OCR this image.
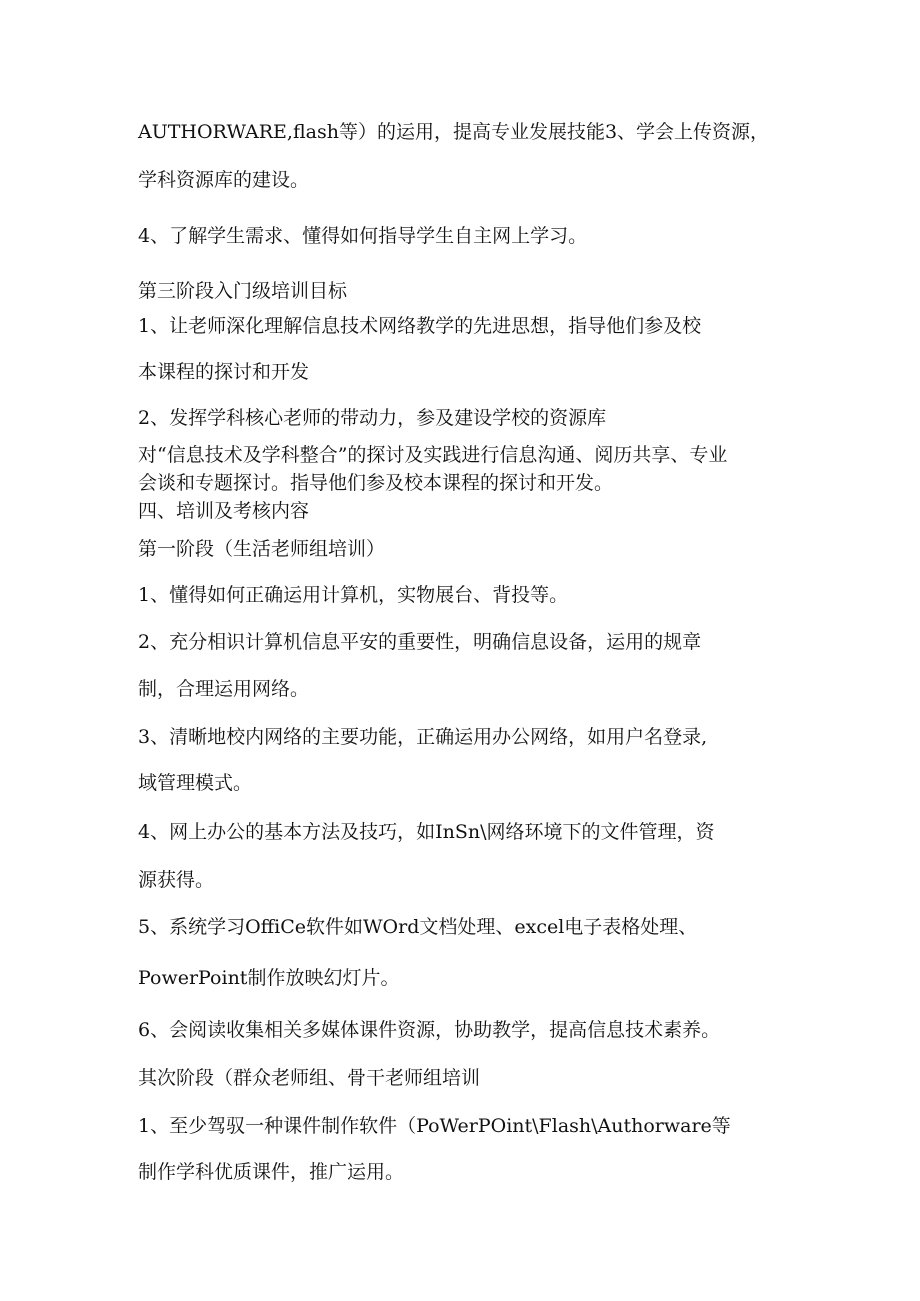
AUTHORWARE,flash等）的运用，提高专业发展技能3、学会上传资源，

学科资源库的建设。

4、了解学生需求、懂得如何指导学生自主网上学习。

第三阶段入门级培训目标

1、让老师深化理解信息技术网络教学的先进思想，指导他们参及校

本课程的探讨和开发

2、发挥学科核心老师的带动力，参及建设学校的资源库

对“信息技术及学科整合”的探讨及实践进行信息沟通、阅历共享、专业

会谈和专题探讨。指导他们参及校本课程的探讨和开发。

四、培训及考核内容

第一阶段（生活老师组培训）

1、懂得如何正确运用计算机，实物展台、背投等。

2、充分相识计算机信息平安的重要性，明确信息设备，运用的规章

制，合理运用网络。

3、清晰地校内网络的主要功能，正确运用办公网络，如用户名登录,

域管理模式。

4、网上办公的基本方法及技巧，如InSn\网络环境下的文件管理，资

源获得。

5、系统学习OffiCe软件如WOrd文档处理、excel电子表格处理、

PowerPoint制作放映幻灯片。

6、会阅读收集相关多媒体课件资源，协助教学，提高信息技术素养。

其次阶段（群众老师组、骨干老师组培训

1、至少驾驭一种课件制作软件（PoWerPOint\Flash\Authorware等

制作学科优质课件，推广运用。
